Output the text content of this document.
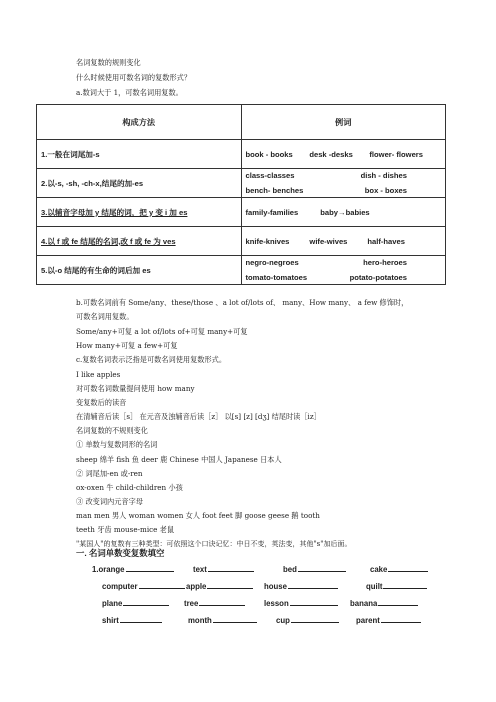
名词复数的规则变化
什么时候使用可数名词的复数形式？
a.数词大于 1，可数名词用复数。
构成方法	例词
1.一般在词尾加-s	book - books desk -desks flower- flowers

2.以-s, -sh, -ch-x,结尾的加-es	class-classes dish - dishes
bench- benches box - boxes

3.以辅音字母加 y 结尾的词，把 y 变 i 加 es	family-families baby→babies

4.以 f 或 fe 结尾的名词,改 f 或 fe 为 ves	knife-knives wife-wives half-haves

5.以-o 结尾的有生命的词后加 es	negro-negroes hero-heroes
tomato-tomatoes potato-potatoes
b.可数名词前有 Some/any、these/those 、a lot of/lots of、 many、How many、 a few 修饰时，
可数名词用复数。
Some/any+可复 a lot of/lots of+可复 many+可复
How many+可复 a few+可复
c.复数名词表示泛指是可数名词使用复数形式。
I like apples
对可数名词数量提问使用 how many
变复数后的读音
在清辅音后读［s］ 在元音及浊辅音后读［z］ 以[s] [z] [dʒ] 结尾时读［iz］
名词复数的不规则变化
① 单数与复数同形的名词
sheep 绵羊 fish 鱼 deer 鹿 Chinese 中国人 Japanese 日本人
② 词尾加-en 或-ren
ox-oxen 牛 child-children 小孩
③ 改变词内元音字母
man men 男人 woman women 女人 foot feet 脚 goose geese 鹅 tooth
teeth 牙齿 mouse-mice 老鼠
"某国人"的复数有三种类型：可依照这个口诀记忆：中日不变，英法变，其他"s"加后面。
一. 名词单数变复数填空
1.orange	text	bed	cake
computer	apple	house	quilt
plane	tree	lesson	banana
shirt	month	cup	parent
